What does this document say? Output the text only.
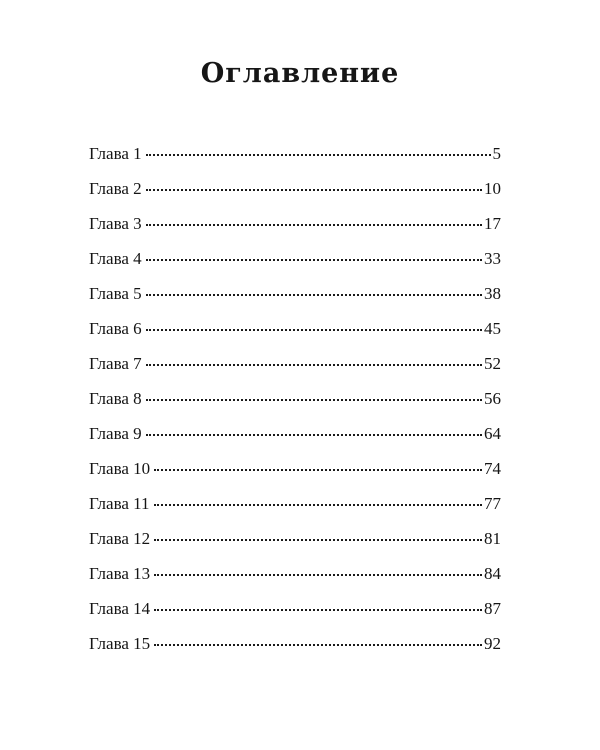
Оглавление
Глава 1	5
Глава 2	10
Глава 3	17
Глава 4	33
Глава 5	38
Глава 6	45
Глава 7	52
Глава 8	56
Глава 9	64
Глава 10	74
Глава 11	77
Глава 12	81
Глава 13	84
Глава 14	87
Глава 15	92
